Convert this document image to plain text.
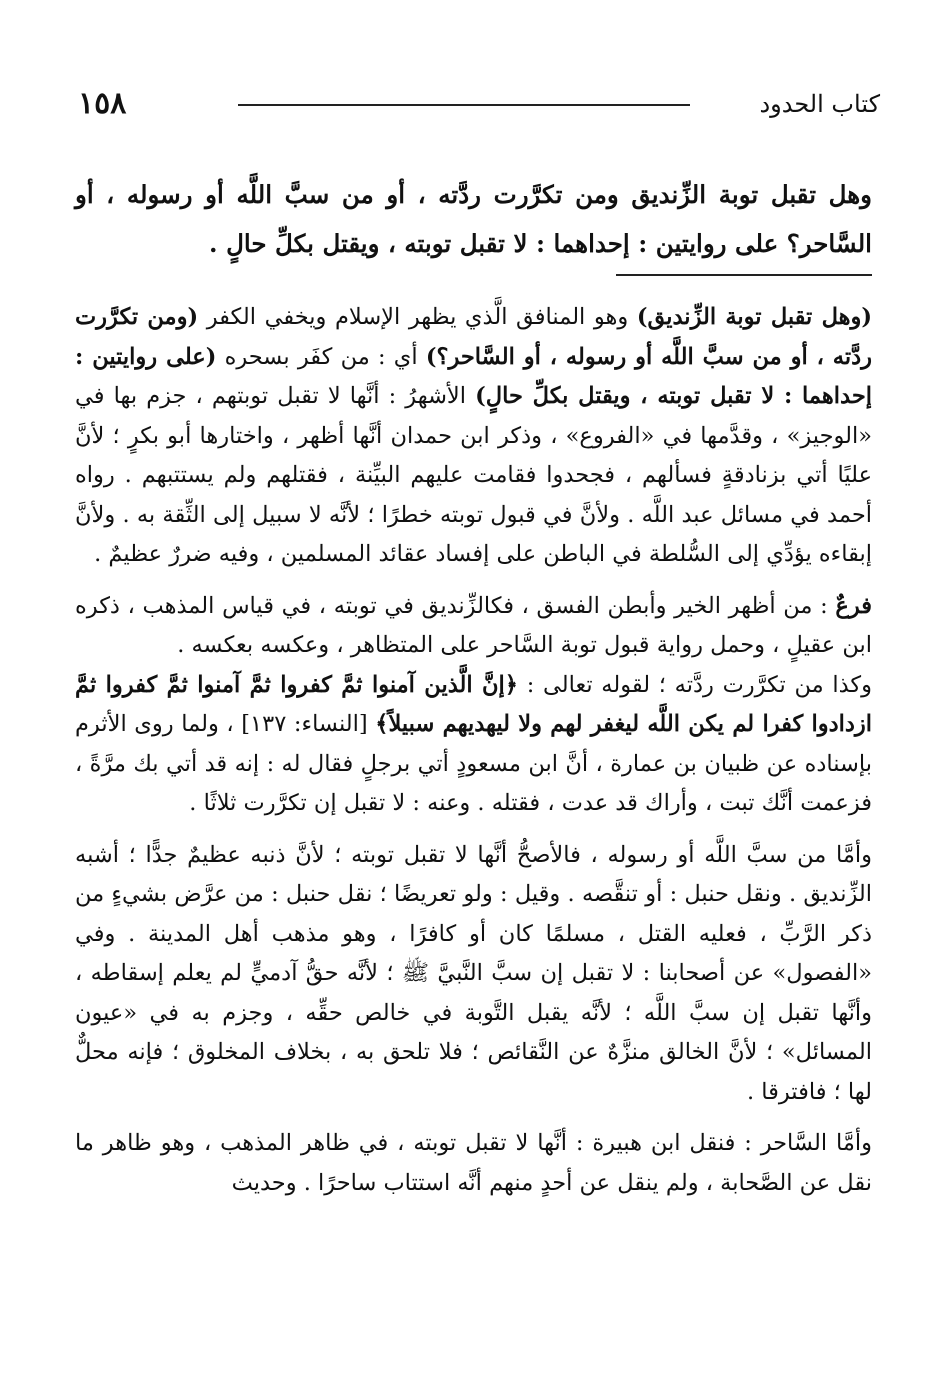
١٥٨	كتاب الحدود
وهل تقبل توبة الزِّنديق ومن تكرَّرت ردَّته ، أو من سبَّ اللَّه أو رسوله ، أو السَّاحر؟ على روايتين : إحداهما : لا تقبل توبته ، ويقتل بكلِّ حالٍ .

(وهل تقبل توبة الزِّنديق) وهو المنافق الَّذي يظهر الإسلام ويخفي الكفر (ومن تكرَّرت ردَّته ، أو من سبَّ اللَّه أو رسوله ، أو السَّاحر؟) أي : من كفَر بسحره (على روايتين : إحداهما : لا تقبل توبته ، ويقتل بكلِّ حالٍ) الأشهرُ : أنَّها لا تقبل توبتهم ، جزم بها في «الوجيز» ، وقدَّمها في «الفروع» ، وذكر ابن حمدان أنَّها أظهر ، واختارها أبو بكرٍ ؛ لأنَّ عليًا أتي بزنادقةٍ فسألهم ، فجحدوا فقامت عليهم البيِّنة ، فقتلهم ولم يستتبهم . رواه أحمد في مسائل عبد اللَّه . ولأنَّ في قبول توبته خطرًا ؛ لأنَّه لا سبيل إلى الثِّقة به . ولأنَّ إبقاءه يؤدِّي إلى السُّلطة في الباطن على إفساد عقائد المسلمين ، وفيه ضررٌ عظيمٌ .

فرعٌ : من أظهر الخير وأبطن الفسق ، فكالزِّنديق في توبته ، في قياس المذهب ، ذكره ابن عقيلٍ ، وحمل رواية قبول توبة السَّاحر على المتظاهر ، وعكسه بعكسه .
وكذا من تكرَّرت ردَّته ؛ لقوله تعالى : ﴿إنَّ الَّذين آمنوا ثمَّ كفروا ثمَّ آمنوا ثمَّ كفروا ثمَّ ازدادوا كفرا لم يكن اللَّه ليغفر لهم ولا ليهديهم سبيلاً﴾ [النساء: ١٣٧] ، ولما روى الأثرم بإسناده عن ظبيان بن عمارة ، أنَّ ابن مسعودٍ أتي برجلٍ فقال له : إنه قد أتي بك مرَّةً ، فزعمت أنَّك تبت ، وأراك قد عدت ، فقتله . وعنه : لا تقبل إن تكرَّرت ثلاثًا .

وأمَّا من سبَّ اللَّه أو رسوله ، فالأصحُّ أنَّها لا تقبل توبته ؛ لأنَّ ذنبه عظيمٌ جدًّا ؛ أشبه الزِّنديق . ونقل حنبل : أو تنقَّصه . وقيل : ولو تعريضًا ؛ نقل حنبل : من عرَّض بشيءٍ من ذكر الرَّبِّ ، فعليه القتل ، مسلمًا كان أو كافرًا ، وهو مذهب أهل المدينة . وفي «الفصول» عن أصحابنا : لا تقبل إن سبَّ النَّبيَّ ﷺ ؛ لأنَّه حقُّ آدميٍّ لم يعلم إسقاطه ، وأنَّها تقبل إن سبَّ اللَّه ؛ لأنَّه يقبل التَّوبة في خالص حقِّه ، وجزم به في «عيون المسائل» ؛ لأنَّ الخالق منزَّهٌ عن النَّقائص ؛ فلا تلحق به ، بخلاف المخلوق ؛ فإنه محلٌّ لها ؛ فافترقا .

وأمَّا السَّاحر : فنقل ابن هبيرة : أنَّها لا تقبل توبته ، في ظاهر المذهب ، وهو ظاهر ما نقل عن الصَّحابة ، ولم ينقل عن أحدٍ منهم أنَّه استتاب ساحرًا . وحديث
